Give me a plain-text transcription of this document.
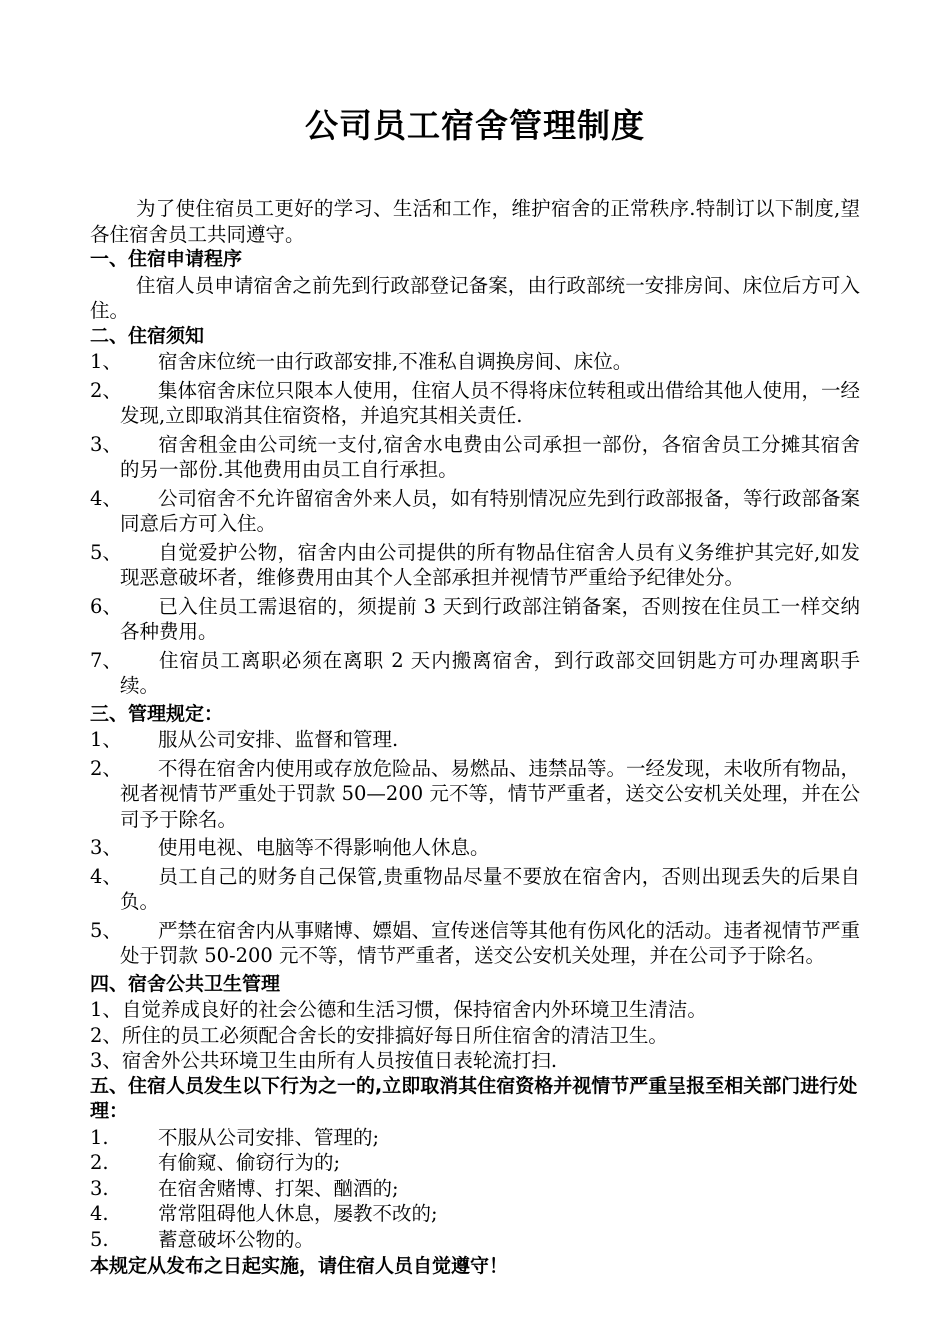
公司员工宿舍管理制度
为了使住宿员工更好的学习、生活和工作，维护宿舍的正常秩序.特制订以下制度,望各住宿舍员工共同遵守。
一、住宿申请程序
住宿人员申请宿舍之前先到行政部登记备案，由行政部统一安排房间、床位后方可入住。
二、住宿须知
1、 宿舍床位统一由行政部安排,不准私自调换房间、床位。
2、 集体宿舍床位只限本人使用，住宿人员不得将床位转租或出借给其他人使用，一经发现,立即取消其住宿资格，并追究其相关责任.
3、 宿舍租金由公司统一支付,宿舍水电费由公司承担一部份，各宿舍员工分摊其宿舍的另一部份.其他费用由员工自行承担。
4、 公司宿舍不允许留宿舍外来人员，如有特别情况应先到行政部报备，等行政部备案同意后方可入住。
5、 自觉爱护公物，宿舍内由公司提供的所有物品住宿舍人员有义务维护其完好,如发现恶意破坏者，维修费用由其个人全部承担并视情节严重给予纪律处分。
6、 已入住员工需退宿的，须提前 3 天到行政部注销备案，否则按在住员工一样交纳各种费用。
7、 住宿员工离职必须在离职 2 天内搬离宿舍，到行政部交回钥匙方可办理离职手续。
三、管理规定：
1、 服从公司安排、监督和管理.
2、 不得在宿舍内使用或存放危险品、易燃品、违禁品等。一经发现，未收所有物品，视者视情节严重处于罚款 50—200 元不等，情节严重者，送交公安机关处理，并在公司予于除名。
3、 使用电视、电脑等不得影响他人休息。
4、 员工自己的财务自己保管,贵重物品尽量不要放在宿舍内，否则出现丢失的后果自负。
5、 严禁在宿舍内从事赌博、嫖娼、宣传迷信等其他有伤风化的活动。违者视情节严重处于罚款 50-200 元不等，情节严重者，送交公安机关处理，并在公司予于除名。
四、宿舍公共卫生管理
1、自觉养成良好的社会公德和生活习惯，保持宿舍内外环境卫生清洁。
2、所住的员工必须配合舍长的安排搞好每日所住宿舍的清洁卫生。
3、宿舍外公共环境卫生由所有人员按值日表轮流打扫.
五、住宿人员发生以下行为之一的,立即取消其住宿资格并视情节严重呈报至相关部门进行处理：
1.	不服从公司安排、管理的;
2.	有偷窥、偷窃行为的;
3.	在宿舍赌博、打架、酗酒的;
4.	常常阻碍他人休息，屡教不改的;
5.	蓄意破坏公物的。
本规定从发布之日起实施，请住宿人员自觉遵守！
